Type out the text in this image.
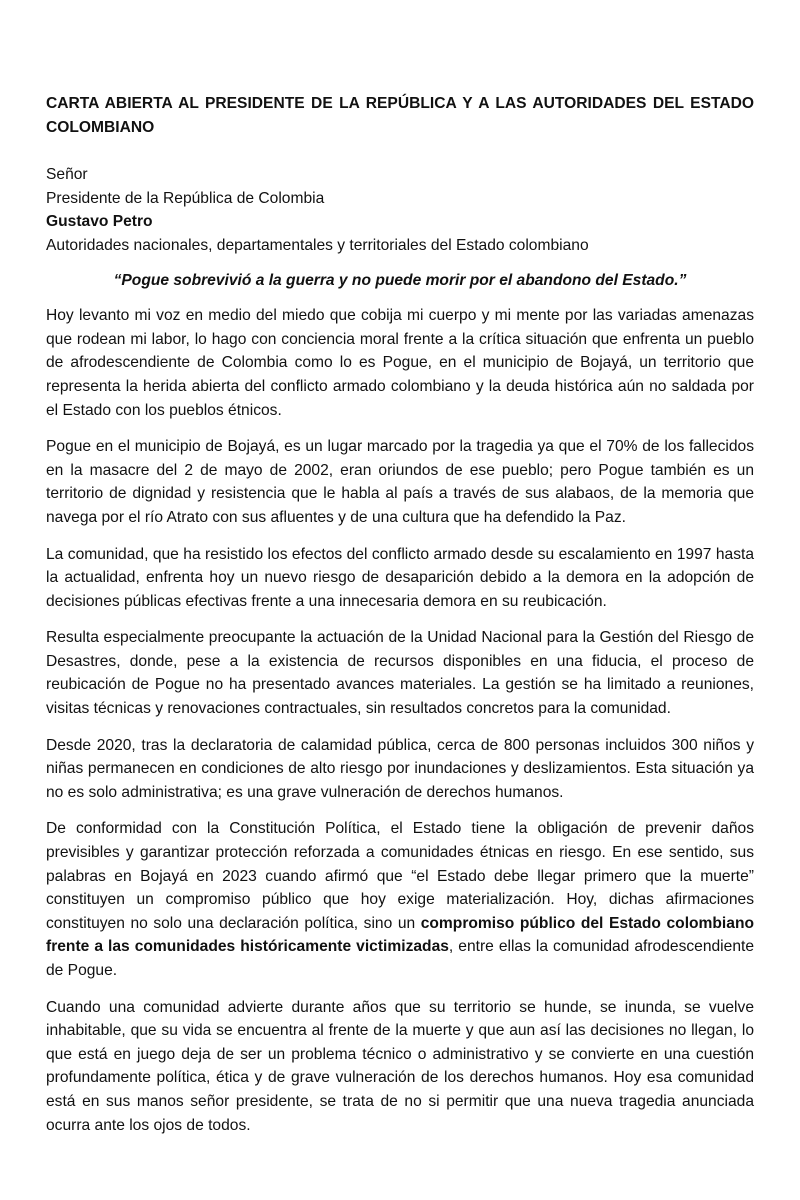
CARTA ABIERTA AL PRESIDENTE DE LA REPÚBLICA Y A LAS AUTORIDADES DEL ESTADO COLOMBIANO
Señor
Presidente de la República de Colombia
Gustavo Petro
Autoridades nacionales, departamentales y territoriales del Estado colombiano
“Pogue sobrevivió a la guerra y no puede morir por el abandono del Estado.”

Hoy levanto mi voz en medio del miedo que cobija mi cuerpo y mi mente por las variadas amenazas que rodean mi labor, lo hago con conciencia moral frente a la crítica situación que enfrenta un pueblo de afrodescendiente de Colombia como lo es Pogue, en el municipio de Bojayá, un territorio que representa la herida abierta del conflicto armado colombiano y la deuda histórica aún no saldada por el Estado con los pueblos étnicos.

Pogue en el municipio de Bojayá, es un lugar marcado por la tragedia ya que el 70% de los fallecidos en la masacre del 2 de mayo de 2002, eran oriundos de ese pueblo; pero Pogue también es un territorio de dignidad y resistencia que le habla al país a través de sus alabaos, de la memoria que navega por el río Atrato con sus afluentes y de una cultura que ha defendido la Paz.

La comunidad, que ha resistido los efectos del conflicto armado desde su escalamiento en 1997 hasta la actualidad, enfrenta hoy un nuevo riesgo de desaparición debido a la demora en la adopción de decisiones públicas efectivas frente a una innecesaria demora en su reubicación.

Resulta especialmente preocupante la actuación de la Unidad Nacional para la Gestión del Riesgo de Desastres, donde, pese a la existencia de recursos disponibles en una fiducia, el proceso de reubicación de Pogue no ha presentado avances materiales. La gestión se ha limitado a reuniones, visitas técnicas y renovaciones contractuales, sin resultados concretos para la comunidad.

Desde 2020, tras la declaratoria de calamidad pública, cerca de 800 personas incluidos 300 niños y niñas permanecen en condiciones de alto riesgo por inundaciones y deslizamientos. Esta situación ya no es solo administrativa; es una grave vulneración de derechos humanos.

De conformidad con la Constitución Política, el Estado tiene la obligación de prevenir daños previsibles y garantizar protección reforzada a comunidades étnicas en riesgo. En ese sentido, sus palabras en Bojayá en 2023 cuando afirmó que “el Estado debe llegar primero que la muerte” constituyen un compromiso público que hoy exige materialización. Hoy, dichas afirmaciones constituyen no solo una declaración política, sino un compromiso público del Estado colombiano frente a las comunidades históricamente victimizadas, entre ellas la comunidad afrodescendiente de Pogue.

Cuando una comunidad advierte durante años que su territorio se hunde, se inunda, se vuelve inhabitable, que su vida se encuentra al frente de la muerte y que aun así las decisiones no llegan, lo que está en juego deja de ser un problema técnico o administrativo y se convierte en una cuestión profundamente política, ética y de grave vulneración de los derechos humanos. Hoy esa comunidad está en sus manos señor presidente, se trata de no si permitir que una nueva tragedia anunciada ocurra ante los ojos de todos.
